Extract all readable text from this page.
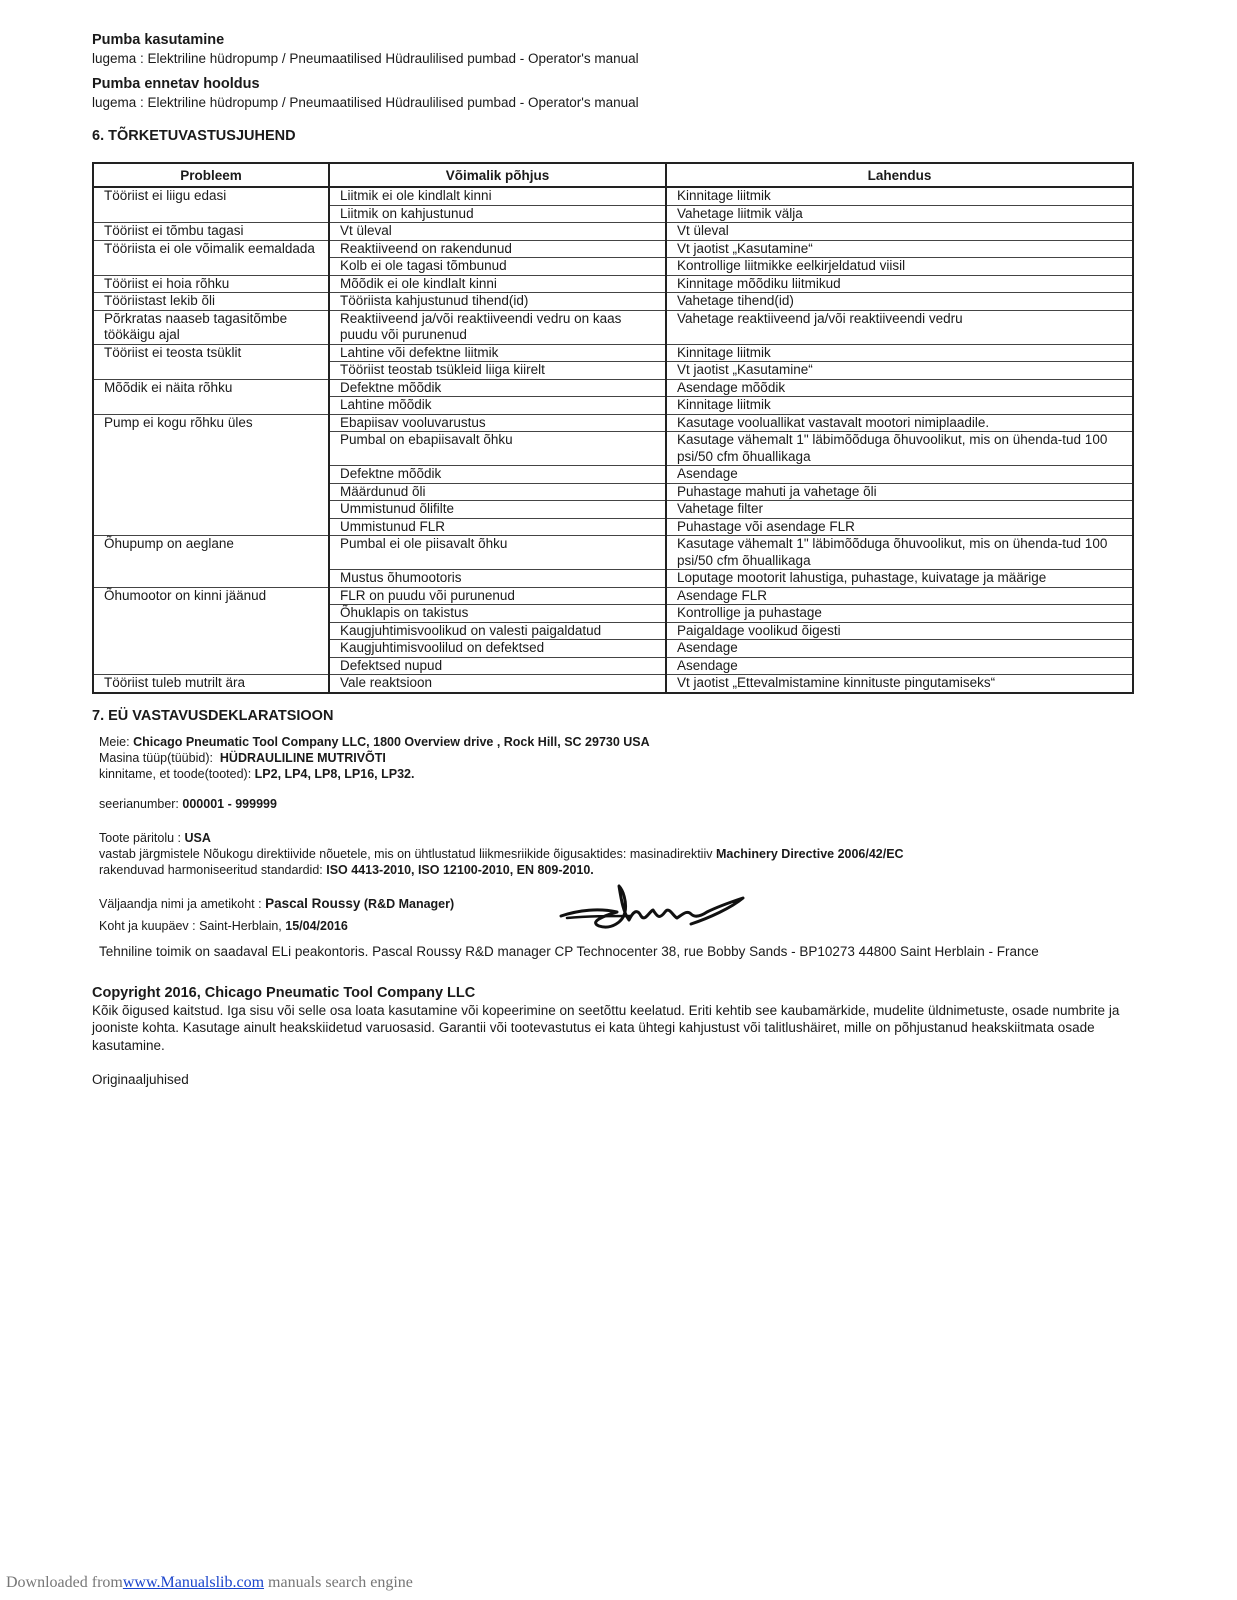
Pumba kasutamine

lugema : Elektriline hüdropump / Pneumaatilised Hüdraulilised pumbad - Operator's manual

Pumba ennetav hooldus

lugema : Elektriline hüdropump / Pneumaatilised Hüdraulilised pumbad - Operator's manual

6. TÕRKETUVASTUSJUHEND

Probleem	Võimalik põhjus	Lahendus
Tööriist ei liigu edasi	Liitmik ei ole kindlalt kinni	Kinnitage liitmik
	Liitmik on kahjustunud	Vahetage liitmik välja
Tööriist ei tõmbu tagasi	Vt üleval	Vt üleval
Tööriista ei ole võimalik eemaldada	Reaktiiveend on rakendunud	Vt jaotist „Kasutamine“
	Kolb ei ole tagasi tõmbunud	Kontrollige liitmikke eelkirjeldatud viisil
Tööriist ei hoia rõhku	Mõõdik ei ole kindlalt kinni	Kinnitage mõõdiku liitmikud
Tööriistast lekib õli	Tööriista kahjustunud tihend(id)	Vahetage tihend(id)
Põrkratas naaseb tagasitõmbe töökäigu ajal	Reaktiiveend ja/või reaktiiveendi vedru on kaas puudu või purunenud	Vahetage reaktiiveend ja/või reaktiiveendi vedru
Tööriist ei teosta tsüklit	Lahtine või defektne liitmik	Kinnitage liitmik
	Tööriist teostab tsükleid liiga kiirelt	Vt jaotist „Kasutamine“
Mõõdik ei näita rõhku	Defektne mõõdik	Asendage mõõdik
	Lahtine mõõdik	Kinnitage liitmik
Pump ei kogu rõhku üles	Ebapiisav vooluvarustus	Kasutage vooluallikat vastavalt mootori nimiplaadile.
	Pumbal on ebapiisavalt õhku	Kasutage vähemalt 1" läbimõõduga õhuvoolikut, mis on ühenda-tud 100 psi/50 cfm õhuallikaga
	Defektne mõõdik	Asendage
	Määrdunud õli	Puhastage mahuti ja vahetage õli
	Ummistunud õlifilte	Vahetage filter
	Ummistunud FLR	Puhastage või asendage FLR
Õhupump on aeglane	Pumbal ei ole piisavalt õhku	Kasutage vähemalt 1" läbimõõduga õhuvoolikut, mis on ühenda-tud 100 psi/50 cfm õhuallikaga
	Mustus õhumootoris	Loputage mootorit lahustiga, puhastage, kuivatage ja määrige
Õhumootor on kinni jäänud	FLR on puudu või purunenud	Asendage FLR
	Õhuklapis on takistus	Kontrollige ja puhastage
	Kaugjuhtimisvoolikud on valesti paigaldatud	Paigaldage voolikud õigesti
	Kaugjuhtimisvoolilud on defektsed	Asendage
	Defektsed nupud	Asendage
Tööriist tuleb mutrilt ära	Vale reaktsioon	Vt jaotist „Ettevalmistamine kinnituste pingutamiseks“

7. EÜ VASTAVUSDEKLARATSIOON

Meie: Chicago Pneumatic Tool Company LLC, 1800 Overview drive , Rock Hill, SC 29730 USA

Masina tüüp(tüübid): HÜDRAULILINE MUTRIVÕTI

kinnitame, et toode(tooted): LP2, LP4, LP8, LP16, LP32.

seerianumber: 000001 - 999999

Toote päritolu : USA

vastab järgmistele Nõukogu direktiivide nõuetele, mis on ühtlustatud liikmesriikide õigusaktides: masinadirektiiv Machinery Directive 2006/42/EC

rakenduvad harmoniseeritud standardid: ISO 4413-2010, ISO 12100-2010, EN 809-2010.

Väljaandja nimi ja ametikoht : Pascal Roussy (R&D Manager)

Koht ja kuupäev : Saint-Herblain, 15/04/2016

Tehniline toimik on saadaval ELi peakontoris. Pascal Roussy R&D manager CP Technocenter 38, rue Bobby Sands - BP10273 44800 Saint Herblain - France

Copyright 2016, Chicago Pneumatic Tool Company LLC

Kõik õigused kaitstud. Iga sisu või selle osa loata kasutamine või kopeerimine on seetõttu keelatud. Eriti kehtib see kaubamärkide, mudelite üldnimetuste, osade numbrite ja jooniste kohta. Kasutage ainult heakskiidetud varuosasid. Garantii või tootevastutus ei kata ühtegi kahjustust või talitlushäiret, mille on põhjustanud heakskiitmata osade kasutamine.

Originaaljuhised

Downloaded fromwww.Manualslib.com manuals search engine
